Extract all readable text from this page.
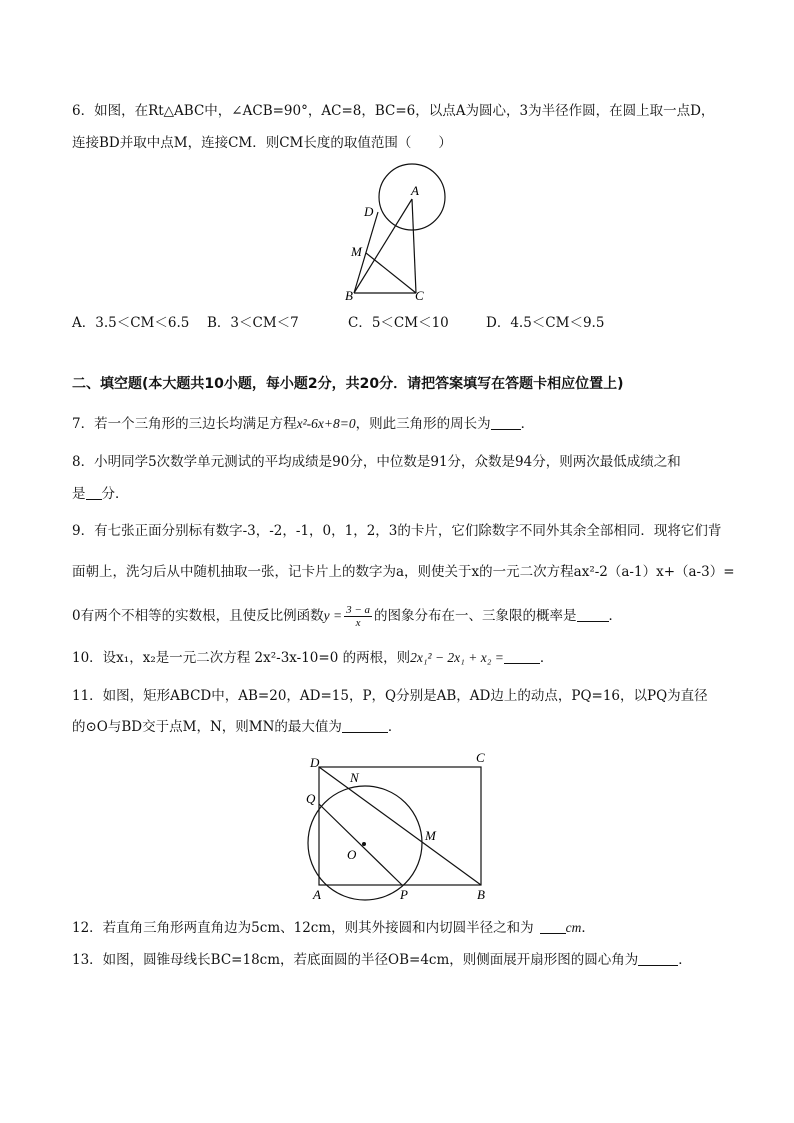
6．如图，在Rt△ABC中，∠ACB=90°，AC=8，BC=6，以点A为圆心，3为半径作圆，在圆上取一点D，
连接BD并取中点M，连接CM．则CM长度的取值范围（　　）
A
D
M
B	C
A．3.5＜CM＜6.5 B．3＜CM＜7	C．5＜CM＜10	D．4.5＜CM＜9.5
二、填空题(本大题共10小题，每小题2分，共20分．请把答案填写在答题卡相应位置上)
7．若一个三角形的三边长均满足方程x²-6x+8=0，则此三角形的周长为 ．
8．小明同学5次数学单元测试的平均成绩是90分，中位数是91分，众数是94分，则两次最低成绩之和
是 分．
9．有七张正面分别标有数字-3，-2，-1，0，1，2，3的卡片，它们除数字不同外其余全部相同．现将它们背
面朝上，洗匀后从中随机抽取一张，记卡片上的数字为a，则使关于x的一元二次方程ax²-2（a-1）x+（a-3）=
0有两个不相等的实数根，且使反比例函数$y = \frac{3 - a}{x}$ 的图象分布在一、三象限的概率是 ．
10．设x₁，x₂是一元二次方程 2x²-3x-10=0 的两根，则2x₁² − 2x₁ + x₂ =	．
11．如图，矩形ABCD中，AB=20，AD=15，P，Q分别是AB，AD边上的动点，PQ=16，以PQ为直径
的⊙O与BD交于点M，N，则MN的最大值为	．
D	C
N
Q
M
O
A	P	B
12．若直角三角形两直角边为5cm、12cm，则其外接圆和内切圆半径之和为 cm．
13．如图，圆锥母线长BC=18cm，若底面圆的半径OB=4cm，则侧面展开扇形图的圆心角为	．
